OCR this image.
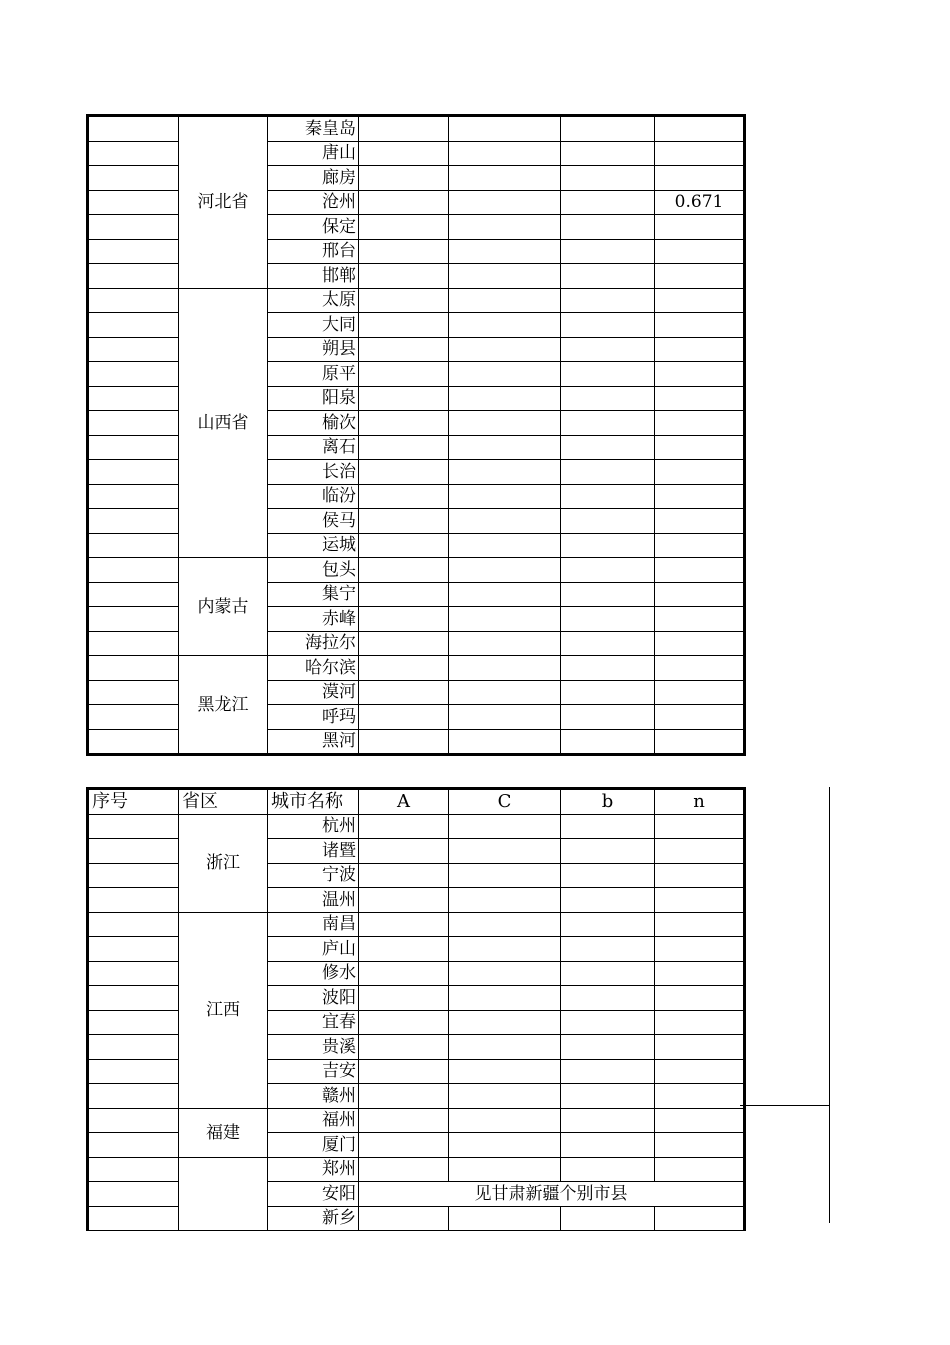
	河北省	秦皇岛				
		唐山				
		廊房				
		沧州				0.671
		保定				
		邢台				
		邯郸				
	山西省	太原				
		大同				
		朔县				
		原平				
		阳泉				
		榆次				
		离石				
		长治				
		临汾				
		侯马				
		运城				
	内蒙古	包头				
		集宁				
		赤峰				
		海拉尔				
	黑龙江	哈尔滨				
		漠河				
		呼玛				
		黑河				
序号	省区	城市名称	A	C	b	n
	浙江	杭州				
		诸暨				
		宁波				
		温州				
	江西	南昌				
		庐山				
		修水				
		波阳				
		宜春				
		贵溪				
		吉安				
		赣州				
	福建	福州				
		厦门				
		郑州				
		安阳	见甘肃新疆个别市县			
		新乡				
